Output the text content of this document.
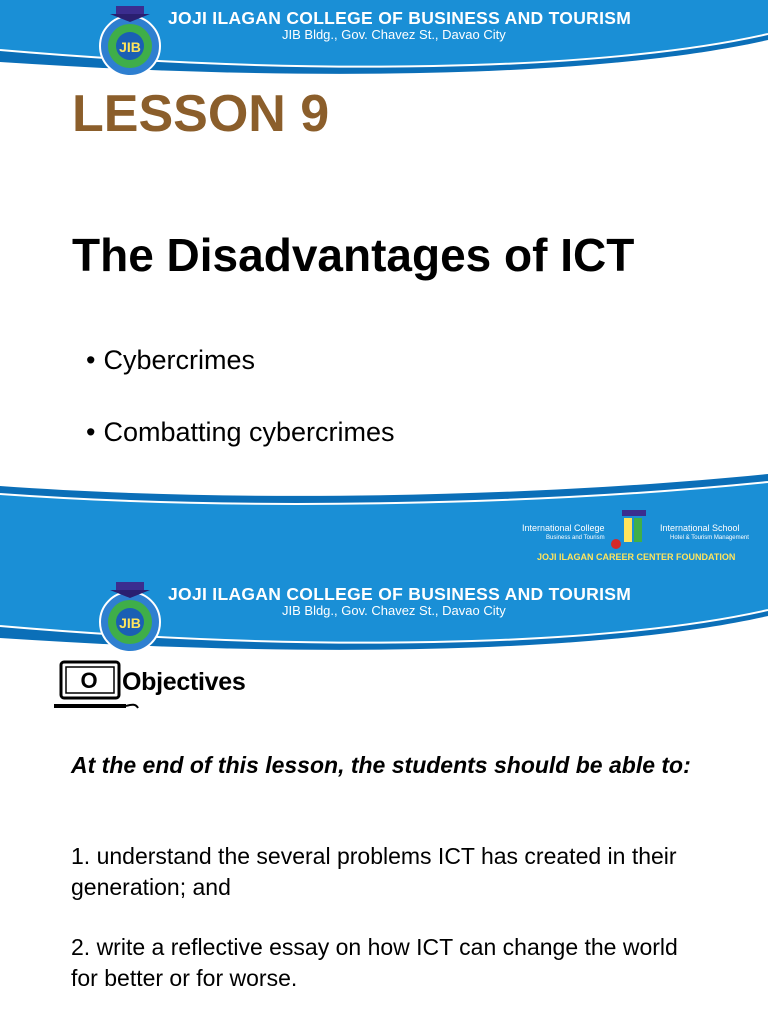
JIB
JOJI ILAGAN COLLEGE OF BUSINESS AND TOURISM
JIB Bldg., Gov. Chavez St., Davao City
LESSON 9
The Disadvantages of ICT
• Cybercrimes
• Combatting cybercrimes
International College
Business and Tourism
International School
Hotel & Tourism Management
JOJI ILAGAN CAREER CENTER FOUNDATION
JIB
JOJI ILAGAN COLLEGE OF BUSINESS AND TOURISM
JIB Bldg., Gov. Chavez St., Davao City
O Objectives

At the end of this lesson, the students should be able to:

1. understand the several problems ICT has created in their generation; and

2. write a reflective essay on how ICT can change the world for better or for worse.
